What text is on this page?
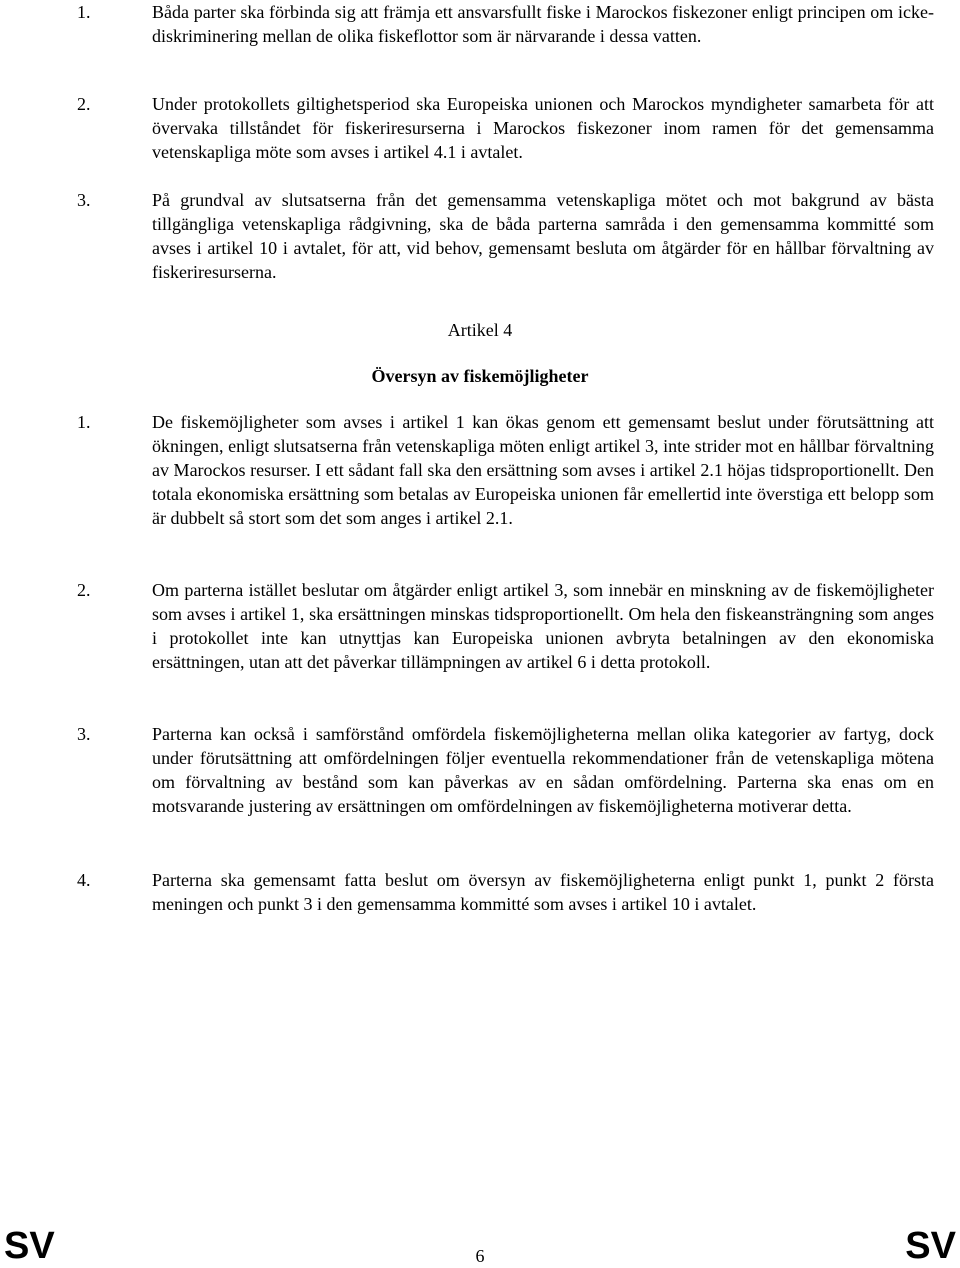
1.	Båda parter ska förbinda sig att främja ett ansvarsfullt fiske i Marockos fiskezoner enligt principen om icke-diskriminering mellan de olika fiskeflottor som är närvarande i dessa vatten.
2.	Under protokollets giltighetsperiod ska Europeiska unionen och Marockos myndigheter samarbeta för att övervaka tillståndet för fiskeriresurserna i Marockos fiskezoner inom ramen för det gemensamma vetenskapliga möte som avses i artikel 4.1 i avtalet.
3.	På grundval av slutsatserna från det gemensamma vetenskapliga mötet och mot bakgrund av bästa tillgängliga vetenskapliga rådgivning, ska de båda parterna samråda i den gemensamma kommitté som avses i artikel 10 i avtalet, för att, vid behov, gemensamt besluta om åtgärder för en hållbar förvaltning av fiskeriresurserna.
Artikel 4
Översyn av fiskemöjligheter
1.	De fiskemöjligheter som avses i artikel 1 kan ökas genom ett gemensamt beslut under förutsättning att ökningen, enligt slutsatserna från vetenskapliga möten enligt artikel 3, inte strider mot en hållbar förvaltning av Marockos resurser. I ett sådant fall ska den ersättning som avses i artikel 2.1 höjas tidsproportionellt. Den totala ekonomiska ersättning som betalas av Europeiska unionen får emellertid inte överstiga ett belopp som är dubbelt så stort som det som anges i artikel 2.1.
2.	Om parterna istället beslutar om åtgärder enligt artikel 3, som innebär en minskning av de fiskemöjligheter som avses i artikel 1, ska ersättningen minskas tidsproportionellt. Om hela den fiskeansträngning som anges i protokollet inte kan utnyttjas kan Europeiska unionen avbryta betalningen av den ekonomiska ersättningen, utan att det påverkar tillämpningen av artikel 6 i detta protokoll.
3.	Parterna kan också i samförstånd omfördela fiskemöjligheterna mellan olika kategorier av fartyg, dock under förutsättning att omfördelningen följer eventuella rekommendationer från de vetenskapliga mötena om förvaltning av bestånd som kan påverkas av en sådan omfördelning. Parterna ska enas om en motsvarande justering av ersättningen om omfördelningen av fiskemöjligheterna motiverar detta.
4.	Parterna ska gemensamt fatta beslut om översyn av fiskemöjligheterna enligt punkt 1, punkt 2 första meningen och punkt 3 i den gemensamma kommitté som avses i artikel 10 i avtalet.
SV	6	SV
